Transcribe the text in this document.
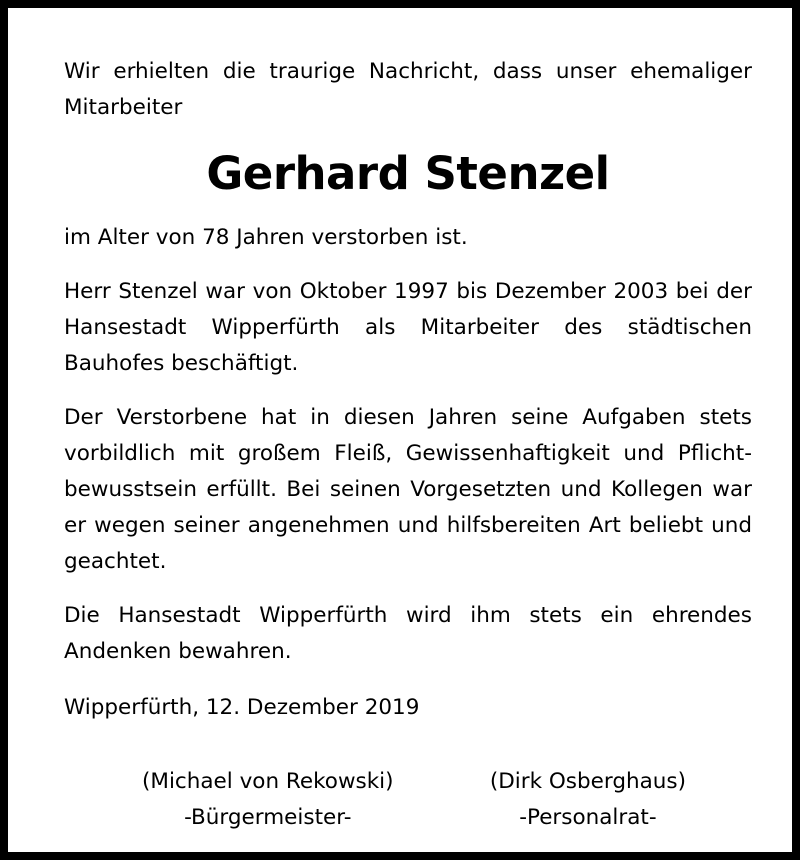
Wir erhielten die traurige Nachricht, dass unser ehemaliger Mitarbeiter

Gerhard Stenzel

im Alter von 78 Jahren verstorben ist.

Herr Stenzel war von Oktober 1997 bis Dezember 2003 bei der Hansestadt Wipperfürth als Mitarbeiter des städtischen Bauhofes beschäftigt.

Der Verstorbene hat in diesen Jahren seine Aufgaben stets vorbildlich mit großem Fleiß, Gewissenhaftigkeit und Pflichtbewusstsein erfüllt. Bei seinen Vorgesetzten und Kollegen war er wegen seiner angenehmen und hilfsbereiten Art beliebt und geachtet.

Die Hansestadt Wipperfürth wird ihm stets ein ehrendes Andenken bewahren.

Wipperfürth, 12. Dezember 2019

(Michael von Rekowski)
-Bürgermeister-
(Dirk Osberghaus)
-Personalrat-
